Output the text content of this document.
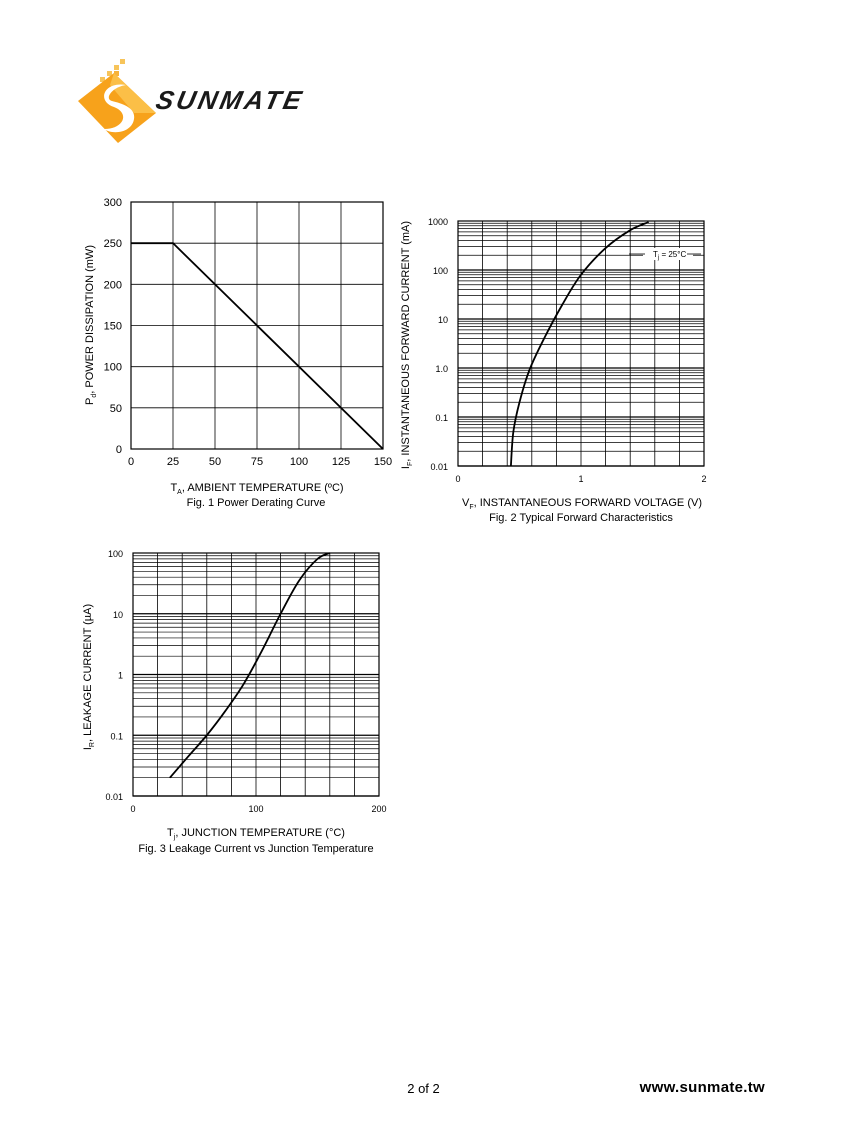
SUNMATE
0	25	50	75 100 125 150
0
50
100
150
200
250
300
$P_d$, POWER DISSIPATION (mW)
$T_A$, AMBIENT TEMPERATURE (ºC)
Fig. 1 Power Derating Curve
0	1	2
0.01
0.1
1.0
10
100
1000
$T_j = 25^\circ C$
$I_F$, INSTANTANEOUS FORWARD CURRENT (mA)
$V_F$, INSTANTANEOUS FORWARD VOLTAGE (V)
Fig. 2 Typical Forward Characteristics
0	100	200
0.01
0.1
1
10
100
$I_R$, LEAKAGE CURRENT (µA)
$T_j$, JUNCTION TEMPERATURE (°C)
Fig. 3 Leakage Current vs Junction Temperature
2 of 2	www.sunmate.tw
